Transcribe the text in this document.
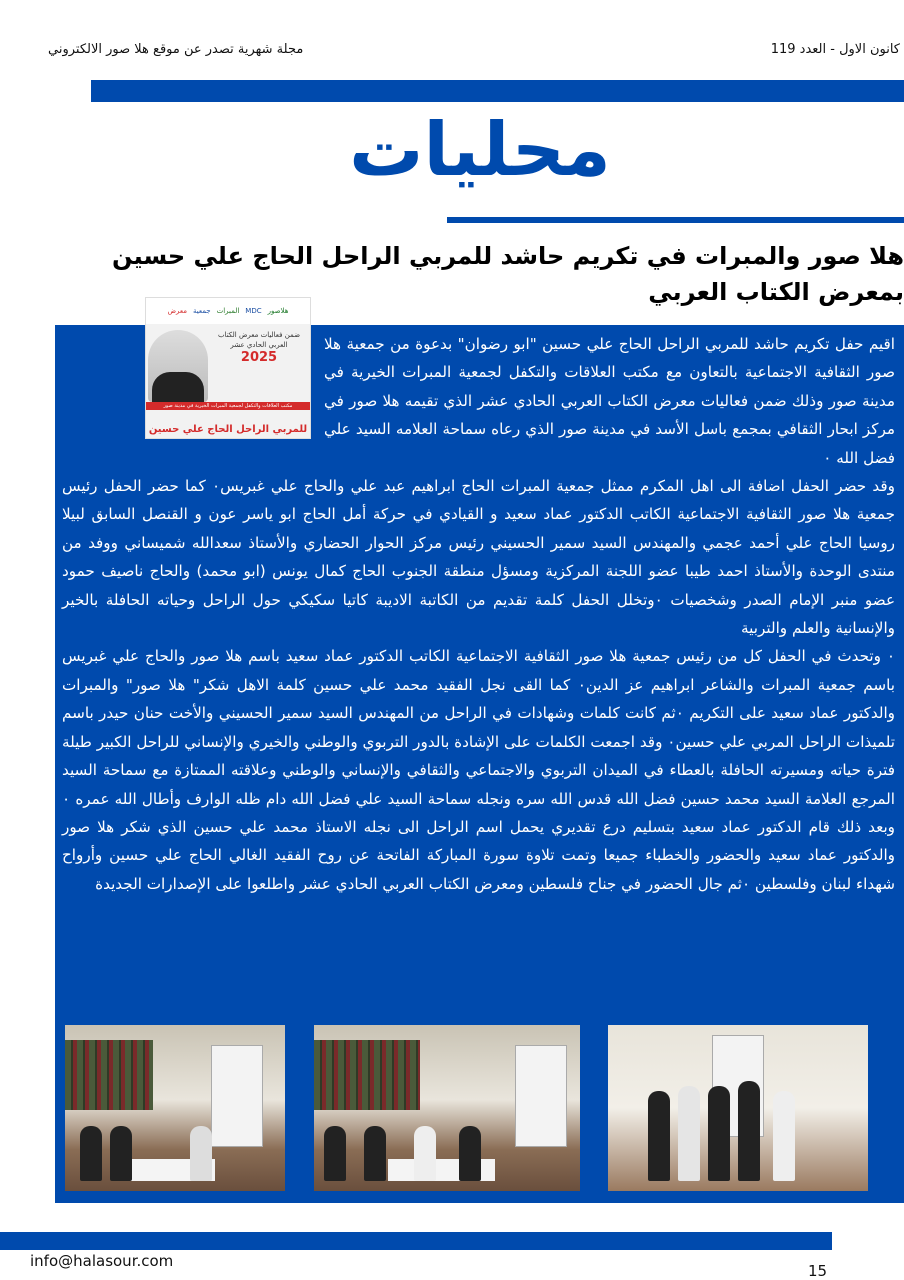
كانون الاول - العدد 119
مجلة شهرية تصدر عن موقع هلا صور الالكتروني
محليات
هلا صور والمبرات في تكريم حاشد للمربي الراحل الحاج علي حسين بمعرض الكتاب العربي

اقيم حفل تكريم حاشد للمربي الراحل الحاج علي حسين "ابو رضوان" بدعوة من جمعية هلا صور الثقافية الاجتماعية بالتعاون مع مكتب العلاقات والتكفل لجمعية المبرات الخيرية في مدينة صور وذلك ضمن فعاليات معرض الكتاب العربي الحادي عشر الذي تقيمه هلا صور في مركز ابحار الثقافي بمجمع باسل الأسد في مدينة صور الذي رعاه سماحة العلامه السيد علي فضل الله ٠

وقد حضر الحفل اضافة الى اهل المكرم ممثل جمعية المبرات الحاج ابراهيم عبد علي والحاج علي غبريس٠ كما حضر الحفل رئيس جمعية هلا صور الثقافية الاجتماعية الكاتب الدكتور عماد سعيد و القيادي في حركة أمل الحاج ابو ياسر عون و القنصل السابق لبيلا روسيا الحاج علي أحمد عجمي والمهندس السيد سمير الحسيني رئيس مركز الحوار الحضاري والأستاذ سعدالله شميساني ووفد من منتدى الوحدة والأستاذ احمد طيبا عضو اللجنة المركزية ومسؤل منطقة الجنوب الحاج كمال يونس (ابو محمد) والحاج ناصيف حمود عضو منبر الإمام الصدر وشخصيات ٠وتخلل الحفل كلمة تقديم من الكاتبة الاديبة كاتيا سكيكي حول الراحل وحياته الحافلة بالخير والإنسانية والعلم والتربية

٠ وتحدث في الحفل كل من رئيس جمعية هلا صور الثقافية الاجتماعية الكاتب الدكتور عماد سعيد باسم هلا صور والحاج علي غبريس باسم جمعية المبرات والشاعر ابراهيم عز الدين٠ كما القى نجل الفقيد محمد علي حسين كلمة الاهل شكر" هلا صور" والمبرات والدكتور عماد سعيد على التكريم ٠ثم كانت كلمات وشهادات في الراحل من المهندس السيد سمير الحسيني والأخت حنان حيدر باسم تلميذات الراحل المربي علي حسين٠ وقد اجمعت الكلمات على الإشادة بالدور التربوي والوطني والخيري والإنساني للراحل الكبير طيلة فترة حياته ومسيرته الحافلة بالعطاء في الميدان التربوي والاجتماعي والثقافي والإنساني والوطني وعلاقته الممتازة مع سماحة السيد المرجع العلامة السيد محمد حسين فضل الله قدس الله سره ونجله سماحة السيد علي فضل الله دام ظله الوارف وأطال الله عمره ٠ وبعد ذلك قام الدكتور عماد سعيد بتسليم درع تقديري يحمل اسم الراحل الى نجله الاستاذ محمد علي حسين الذي شكر هلا صور والدكتور عماد سعيد والحضور والخطباء جميعا وتمت تلاوة سورة المباركة الفاتحة عن روح الفقيد الغالي الحاج علي حسين وأرواح شهداء لبنان وفلسطين ٠ثم جال الحضور في جناح فلسطين ومعرض الكتاب العربي الحادي عشر واطلعوا على الإصدارات الجديدة

معرض جمعية المبرات MDC هلاصور
ضمن فعاليات معرض الكتاب
العربي الحادي عشر
2025
مكتب العلاقات والتكفل لجمعية المبرات الخيرية في مدينة صور
للمربي الراحل الحاج علي حسين
info@halasour.com
15
